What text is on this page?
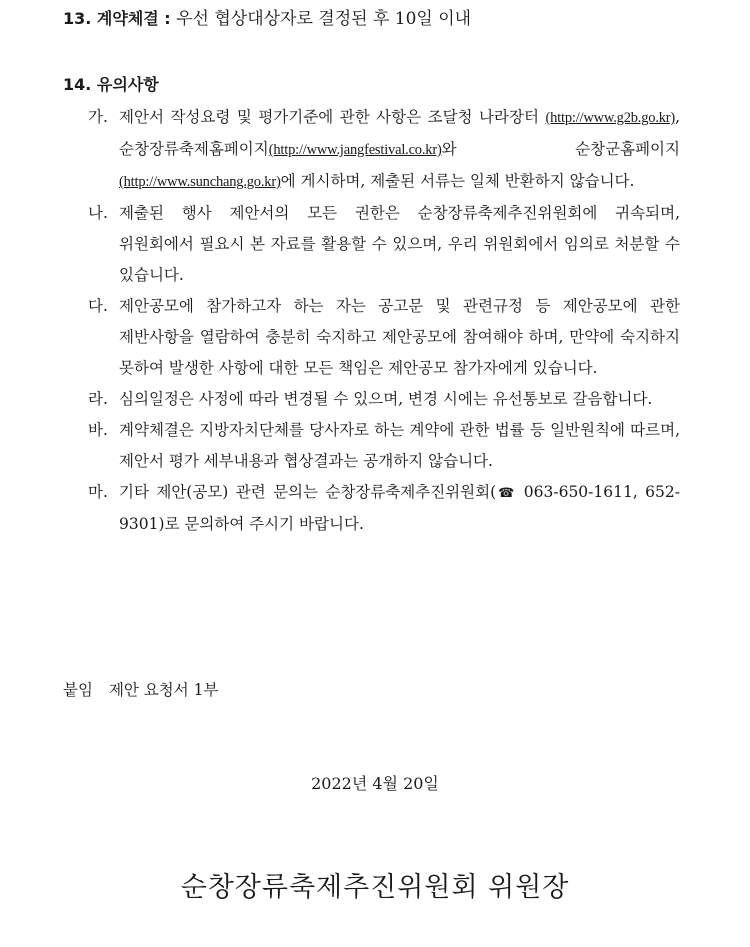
13. 계약체결 : 우선 협상대상자로 결정된 후 10일 이내
14. 유의사항
가. 제안서 작성요령 및 평가기준에 관한 사항은 조달청 나라장터 (http://www.g2b.go.kr), 순창장류축제홈페이지(http://www.jangfestival.co.kr)와 순창군홈페이지(http://www.sunchang.go.kr)에 게시하며, 제출된 서류는 일체 반환하지 않습니다.
나. 제출된 행사 제안서의 모든 권한은 순창장류축제추진위원회에 귀속되며, 위원회에서 필요시 본 자료를 활용할 수 있으며, 우리 위원회에서 임의로 처분할 수 있습니다.
다. 제안공모에 참가하고자 하는 자는 공고문 및 관련규정 등 제안공모에 관한 제반사항을 열람하여 충분히 숙지하고 제안공모에 참여해야 하며, 만약에 숙지하지 못하여 발생한 사항에 대한 모든 책임은 제안공모 참가자에게 있습니다.
라. 심의일정은 사정에 따라 변경될 수 있으며, 변경 시에는 유선통보로 갈음합니다.
바. 계약체결은 지방자치단체를 당사자로 하는 계약에 관한 법률 등 일반원칙에 따르며, 제안서 평가 세부내용과 협상결과는 공개하지 않습니다.
마. 기타 제안(공모) 관련 문의는 순창장류축제추진위원회( ☎ 063-650-1611, 652-9301)로 문의하여 주시기 바랍니다.
붙임 제안 요청서 1부
2022년 4월 20일
순창장류축제추진위원회 위원장
